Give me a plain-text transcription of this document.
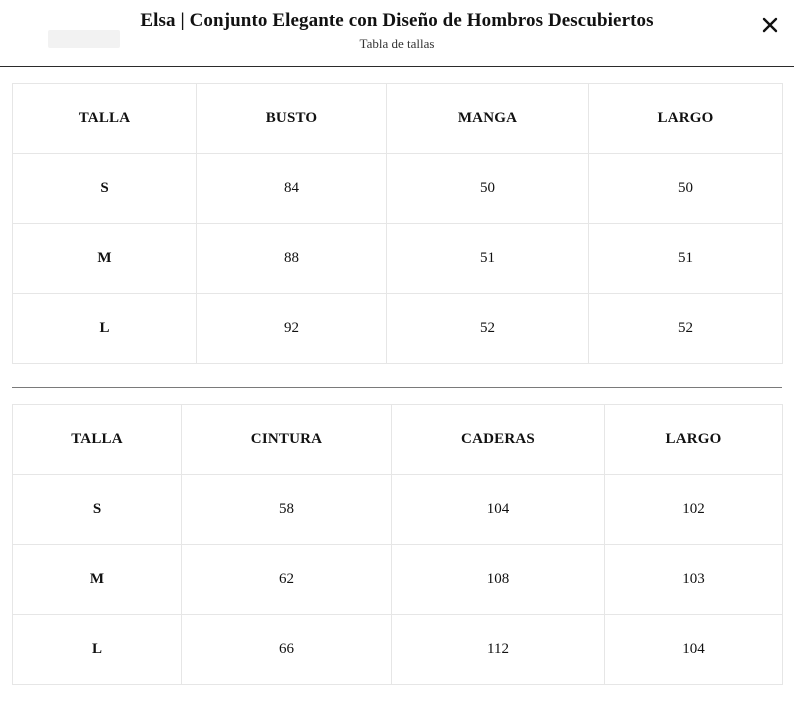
Elsa | Conjunto Elegante con Diseño de Hombros Descubiertos
Tabla de tallas
TALLA	BUSTO	MANGA	LARGO
S	84	50	50
M	88	51	51
L	92	52	52
TALLA	CINTURA	CADERAS	LARGO
S	58	104	102
M	62	108	103
L	66	112	104
